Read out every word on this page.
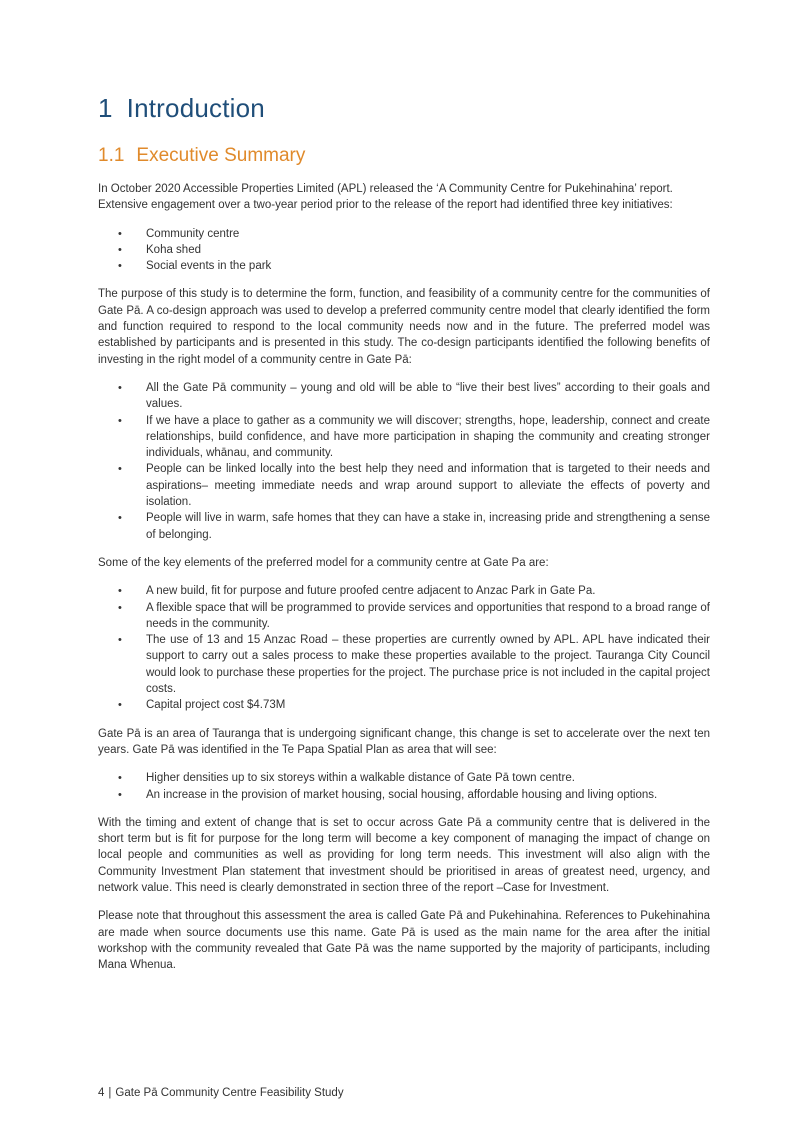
1 Introduction
1.1 Executive Summary

In October 2020 Accessible Properties Limited (APL) released the ‘A Community Centre for Pukehinahina’ report. Extensive engagement over a two-year period prior to the release of the report had identified three key initiatives:

• Community centre
• Koha shed
• Social events in the park

The purpose of this study is to determine the form, function, and feasibility of a community centre for the communities of Gate Pā. A co-design approach was used to develop a preferred community centre model that clearly identified the form and function required to respond to the local community needs now and in the future. The preferred model was established by participants and is presented in this study. The co-design participants identified the following benefits of investing in the right model of a community centre in Gate Pā:

• All the Gate Pā community – young and old will be able to “live their best lives” according to their goals and values.
• If we have a place to gather as a community we will discover; strengths, hope, leadership, connect and create relationships, build confidence, and have more participation in shaping the community and creating stronger individuals, whānau, and community.
• People can be linked locally into the best help they need and information that is targeted to their needs and aspirations– meeting immediate needs and wrap around support to alleviate the effects of poverty and isolation.
• People will live in warm, safe homes that they can have a stake in, increasing pride and strengthening a sense of belonging.

Some of the key elements of the preferred model for a community centre at Gate Pa are:

• A new build, fit for purpose and future proofed centre adjacent to Anzac Park in Gate Pa.
• A flexible space that will be programmed to provide services and opportunities that respond to a broad range of needs in the community.
• The use of 13 and 15 Anzac Road – these properties are currently owned by APL. APL have indicated their support to carry out a sales process to make these properties available to the project. Tauranga City Council would look to purchase these properties for the project. The purchase price is not included in the capital project costs.
• Capital project cost $4.73M

Gate Pā is an area of Tauranga that is undergoing significant change, this change is set to accelerate over the next ten years. Gate Pā was identified in the Te Papa Spatial Plan as area that will see:

• Higher densities up to six storeys within a walkable distance of Gate Pā town centre.
• An increase in the provision of market housing, social housing, affordable housing and living options.

With the timing and extent of change that is set to occur across Gate Pā a community centre that is delivered in the short term but is fit for purpose for the long term will become a key component of managing the impact of change on local people and communities as well as providing for long term needs. This investment will also align with the Community Investment Plan statement that investment should be prioritised in areas of greatest need, urgency, and network value. This need is clearly demonstrated in section three of the report –Case for Investment.

Please note that throughout this assessment the area is called Gate Pā and Pukehinahina. References to Pukehinahina are made when source documents use this name. Gate Pā is used as the main name for the area after the initial workshop with the community revealed that Gate Pā was the name supported by the majority of participants, including Mana Whenua.

4 | Gate Pā Community Centre Feasibility Study
